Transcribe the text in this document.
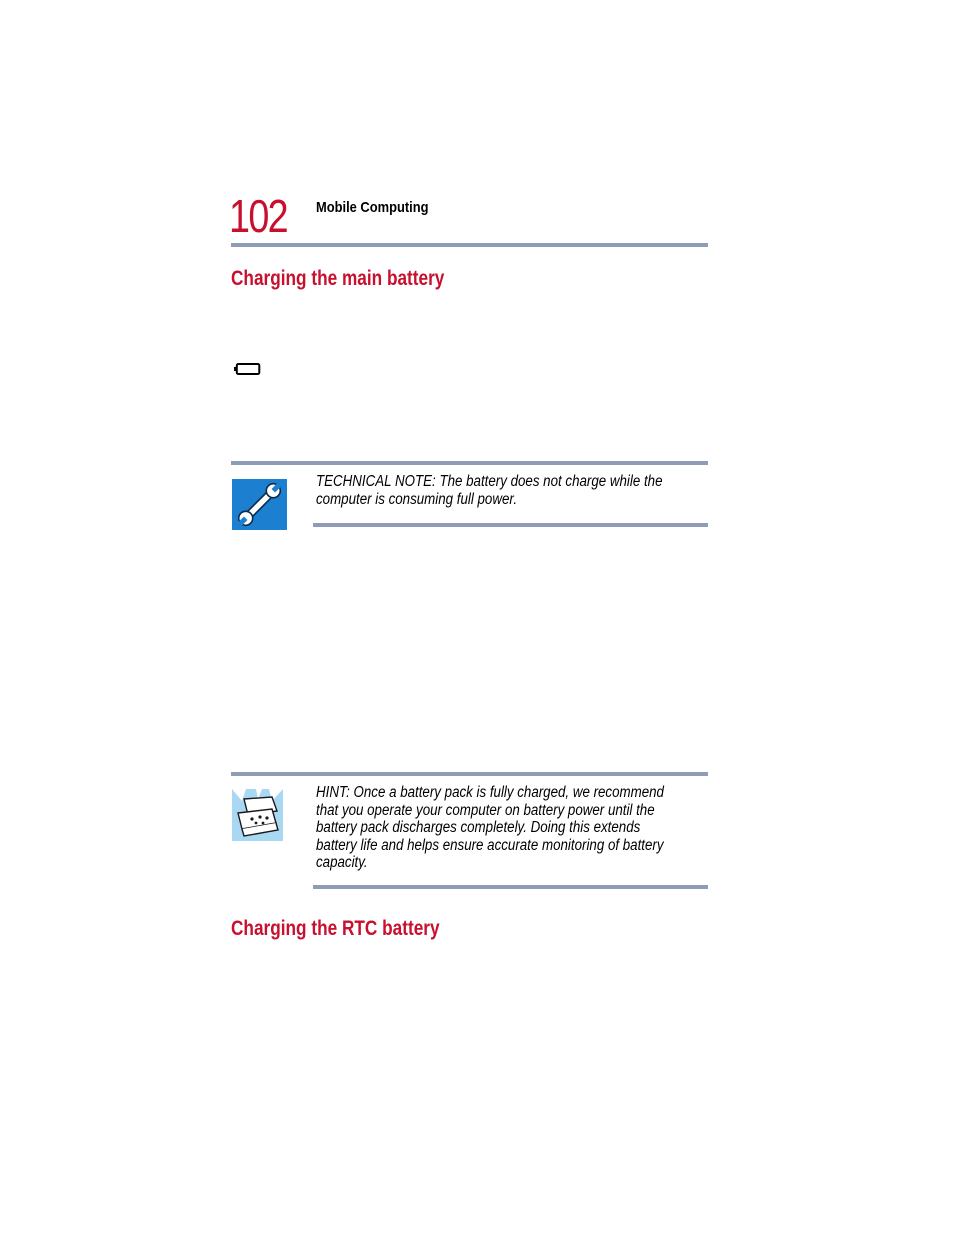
102 Mobile Computing
Charging the main battery
TECHNICAL NOTE: The battery does not charge while the
computer is consuming full power.
HINT: Once a battery pack is fully charged, we recommend
that you operate your computer on battery power until the
battery pack discharges completely. Doing this extends
battery life and helps ensure accurate monitoring of battery
capacity.
Charging the RTC battery
